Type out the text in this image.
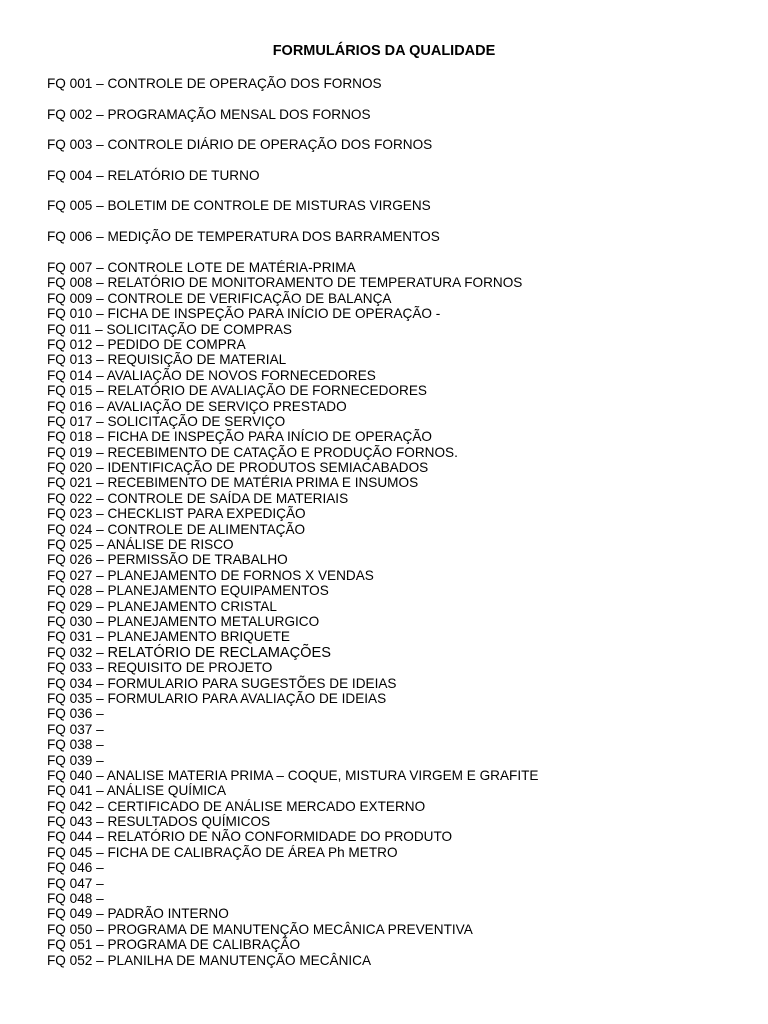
FORMULÁRIOS DA QUALIDADE
FQ 001 – CONTROLE DE OPERAÇÃO DOS FORNOS
FQ 002 – PROGRAMAÇÃO MENSAL DOS FORNOS
FQ 003 – CONTROLE DIÁRIO DE OPERAÇÃO DOS FORNOS
FQ 004 – RELATÓRIO DE TURNO
FQ 005 – BOLETIM DE CONTROLE DE MISTURAS VIRGENS
FQ 006 – MEDIÇÃO DE TEMPERATURA DOS BARRAMENTOS
FQ 007 – CONTROLE LOTE DE MATÉRIA-PRIMA
FQ 008 – RELATÓRIO DE MONITORAMENTO DE TEMPERATURA FORNOS
FQ 009 – CONTROLE DE VERIFICAÇÃO DE BALANÇA
FQ 010 – FICHA DE INSPEÇÃO PARA INÍCIO DE OPERAÇÃO -
FQ 011 – SOLICITAÇÃO DE COMPRAS
FQ 012 – PEDIDO DE COMPRA
FQ 013 – REQUISIÇÃO DE MATERIAL
FQ 014 – AVALIAÇÃO DE NOVOS FORNECEDORES
FQ 015 – RELATÓRIO DE AVALIAÇÃO DE FORNECEDORES
FQ 016 – AVALIAÇÃO DE SERVIÇO PRESTADO
FQ 017 – SOLICITAÇÃO DE SERVIÇO
FQ 018 – FICHA DE INSPEÇÃO PARA INÍCIO DE OPERAÇÃO
FQ 019 – RECEBIMENTO DE CATAÇÃO E PRODUÇÃO FORNOS.
FQ 020 – IDENTIFICAÇÃO DE PRODUTOS SEMIACABADOS
FQ 021 – RECEBIMENTO DE MATÉRIA PRIMA E INSUMOS
FQ 022 – CONTROLE DE SAÍDA DE MATERIAIS
FQ 023 – CHECKLIST PARA EXPEDIÇÃO
FQ 024 – CONTROLE DE ALIMENTAÇÃO
FQ 025 – ANÁLISE DE RISCO
FQ 026 – PERMISSÃO DE TRABALHO
FQ 027 – PLANEJAMENTO DE FORNOS X VENDAS
FQ 028 – PLANEJAMENTO EQUIPAMENTOS
FQ 029 – PLANEJAMENTO CRISTAL
FQ 030 – PLANEJAMENTO METALURGICO
FQ 031 – PLANEJAMENTO BRIQUETE
FQ 032 – RELATÓRIO DE RECLAMAÇÕES
FQ 033 – REQUISITO DE PROJETO
FQ 034 – FORMULARIO PARA SUGESTÕES DE IDEIAS
FQ 035 – FORMULARIO PARA AVALIAÇÃO DE IDEIAS
FQ 036 –
FQ 037 –
FQ 038 –
FQ 039 –
FQ 040 – ANALISE MATERIA PRIMA – COQUE, MISTURA VIRGEM E GRAFITE
FQ 041 – ANÁLISE QUÍMICA
FQ 042 – CERTIFICADO DE ANÁLISE MERCADO EXTERNO
FQ 043 – RESULTADOS QUÍMICOS
FQ 044 – RELATÓRIO DE NÃO CONFORMIDADE DO PRODUTO
FQ 045 – FICHA DE CALIBRAÇÃO DE ÁREA Ph METRO
FQ 046 –
FQ 047 –
FQ 048 –
FQ 049 – PADRÃO INTERNO
FQ 050 – PROGRAMA DE MANUTENÇÃO MECÂNICA PREVENTIVA
FQ 051 – PROGRAMA DE CALIBRAÇÃO
FQ 052 – PLANILHA DE MANUTENÇÃO MECÂNICA
